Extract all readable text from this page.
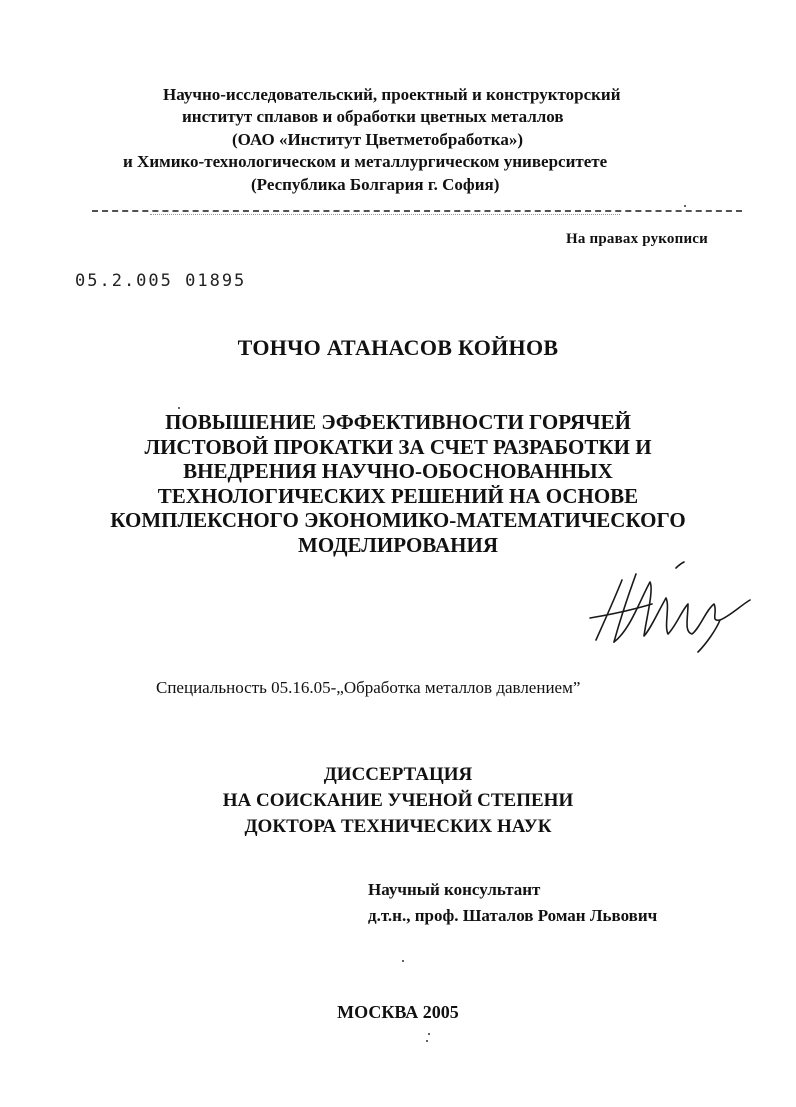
Научно-исследовательский, проектный и конструкторский
институт сплавов и обработки цветных металлов
(ОАО «Институт Цветметобработка»)
и Химико-технологическом и металлургическом университете
(Республика Болгария г. София)
На правах рукописи
05.2.005 01895
ТОНЧО АТАНАСОВ КОЙНОВ
ПОВЫШЕНИЕ ЭФФЕКТИВНОСТИ ГОРЯЧЕЙ
ЛИСТОВОЙ ПРОКАТКИ ЗА СЧЕТ РАЗРАБОТКИ И
ВНЕДРЕНИЯ НАУЧНО-ОБОСНОВАННЫХ
ТЕХНОЛОГИЧЕСКИХ РЕШЕНИЙ НА ОСНОВЕ
КОМПЛЕКСНОГО ЭКОНОМИКО-МАТЕМАТИЧЕСКОГО
МОДЕЛИРОВАНИЯ
Специальность 05.16.05-„Обработка металлов давлением”
ДИССЕРТАЦИЯ
НА СОИСКАНИЕ УЧЕНОЙ СТЕПЕНИ
ДОКТОРА ТЕХНИЧЕСКИХ НАУК
Научный консультант
д.т.н., проф. Шаталов Роман Львович
МОСКВА 2005
